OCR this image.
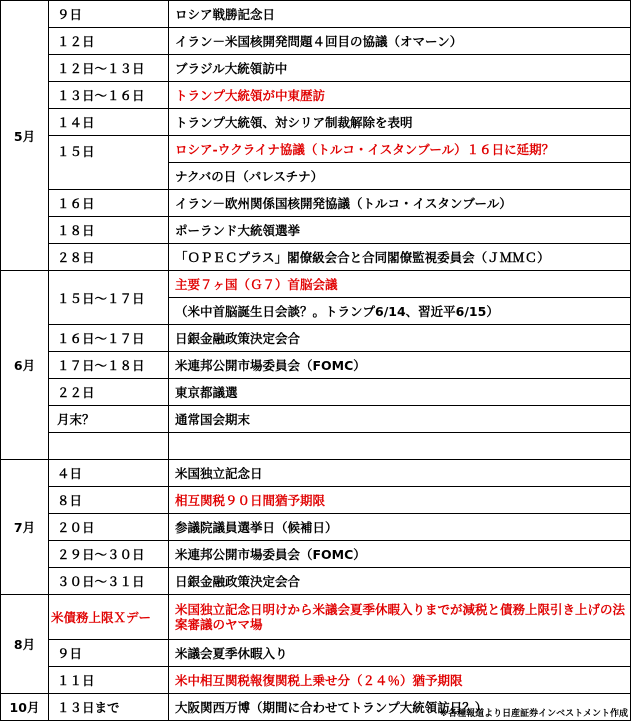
5月	９日	ロシア戦勝記念日
	１２日	イラン－米国核開発問題４回目の協議（オマーン）
	１２日～１３日	ブラジル大統領訪中
	１３日～１６日	トランプ大統領が中東歴訪
	１４日	トランプ大統領、対シリア制裁解除を表明
	１５日	ロシア-ウクライナ協議（トルコ・イスタンブール）１６日に延期？
		ナクバの日（パレスチナ）
	１６日	イラン－欧州関係国核開発協議（トルコ・イスタンブール）
	１８日	ポーランド大統領選挙
	２８日	「ＯＰＥＣプラス」閣僚級会合と合同閣僚監視委員会（ＪＭＭＣ）
6月	１５日～１７日	主要７ヶ国（Ｇ７）首脳会議
		（米中首脳誕生日会談？。トランプ6/14、習近平6/15）
	１６日～１７日	日銀金融政策決定会合
	１７日～１８日	米連邦公開市場委員会（FOMC）
	２２日	東京都議選
	月末？	通常国会期末

7月	４日	米国独立記念日
	８日	相互関税９０日間猶予期限
	２０日	参議院議員選挙日（候補日）
	２９日～３０日	米連邦公開市場委員会（FOMC）
	３０日～３１日	日銀金融政策決定会合
8月	米債務上限Ｘデー	米国独立記念日明けから米議会夏季休暇入りまでが減税と債務上限引き上げの法案審議のヤマ場
	９日	米議会夏季休暇入り
	１１日	米中相互関税報復関税上乗せ分（２４％）猶予期限
10月	１３日まで	大阪関西万博（期間に合わせてトランプ大統領訪日？）
※各種報道より日産証券インベストメント作成
